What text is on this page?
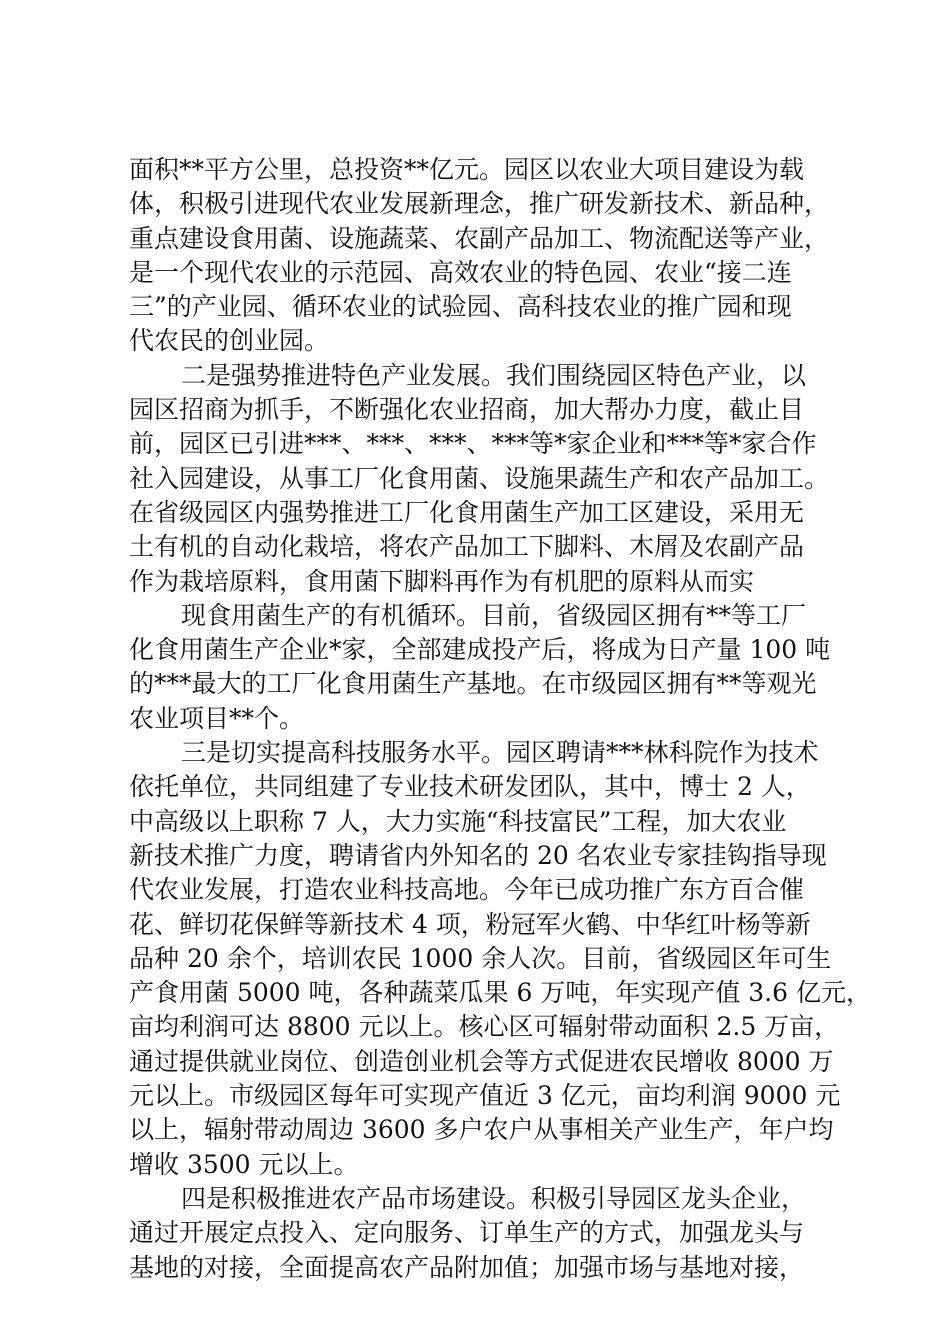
面积**平方公里，总投资**亿元。园区以农业大项目建设为载
体，积极引进现代农业发展新理念，推广研发新技术、新品种，
重点建设食用菌、设施蔬菜、农副产品加工、物流配送等产业，
是一个现代农业的示范园、高效农业的特色园、农业“接二连
三”的产业园、循环农业的试验园、高科技农业的推广园和现
代农民的创业园。
二是强势推进特色产业发展。我们围绕园区特色产业，以
园区招商为抓手，不断强化农业招商，加大帮办力度，截止目
前，园区已引进***、***、***、***等*家企业和***等*家合作
社入园建设，从事工厂化食用菌、设施果蔬生产和农产品加工。
在省级园区内强势推进工厂化食用菌生产加工区建设，采用无
土有机的自动化栽培，将农产品加工下脚料、木屑及农副产品
作为栽培原料，食用菌下脚料再作为有机肥的原料从而实
现食用菌生产的有机循环。目前，省级园区拥有**等工厂
化食用菌生产企业*家，全部建成投产后，将成为日产量 100 吨
的***最大的工厂化食用菌生产基地。在市级园区拥有**等观光
农业项目**个。
三是切实提高科技服务水平。园区聘请***林科院作为技术
依托单位，共同组建了专业技术研发团队，其中，博士 2 人，
中高级以上职称 7 人，大力实施“科技富民”工程，加大农业
新技术推广力度，聘请省内外知名的 20 名农业专家挂钩指导现
代农业发展，打造农业科技高地。今年已成功推广东方百合催
花、鲜切花保鲜等新技术 4 项，粉冠军火鹤、中华红叶杨等新
品种 20 余个，培训农民 1000 余人次。目前，省级园区年可生
产食用菌 5000 吨，各种蔬菜瓜果 6 万吨，年实现产值 3.6 亿元，
亩均利润可达 8800 元以上。核心区可辐射带动面积 2.5 万亩，
通过提供就业岗位、创造创业机会等方式促进农民增收 8000 万
元以上。市级园区每年可实现产值近 3 亿元，亩均利润 9000 元
以上，辐射带动周边 3600 多户农户从事相关产业生产，年户均
增收 3500 元以上。
四是积极推进农产品市场建设。积极引导园区龙头企业，
通过开展定点投入、定向服务、订单生产的方式，加强龙头与
基地的对接，全面提高农产品附加值；加强市场与基地对接，
